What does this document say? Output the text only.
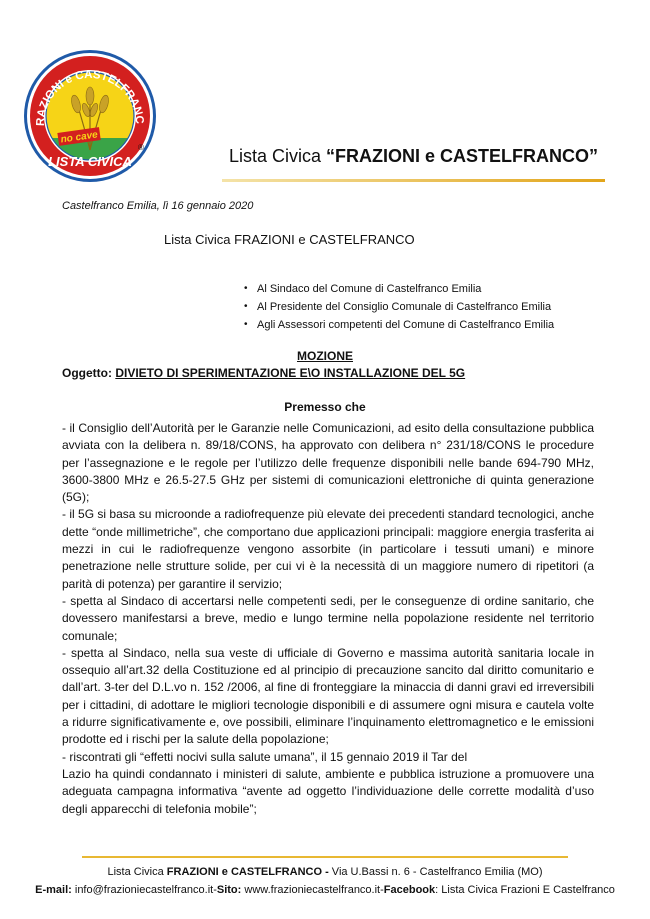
RAZIONI e CASTELFRANC
no cave
LISTA CIVICA
®	Lista Civica “FRAZIONI e CASTELFRANCO”
Castelfranco Emilia, lì 16 gennaio 2020
Lista Civica FRAZIONI e CASTELFRANCO
• Al Sindaco del Comune di Castelfranco Emilia
• Al Presidente del Consiglio Comunale di Castelfranco Emilia
• Agli Assessori competenti del Comune di Castelfranco Emilia
MOZIONE
Oggetto: DIVIETO DI SPERIMENTAZIONE E\O INSTALLAZIONE DEL 5G
Premesso che

- il Consiglio dell’Autorità per le Garanzie nelle Comunicazioni, ad esito della consultazione pubblica avviata con la delibera n. 89/18/CONS, ha approvato con delibera n° 231/18/CONS le procedure per l’assegnazione e le regole per l’utilizzo delle frequenze disponibili nelle bande 694-790 MHz, 3600-3800 MHz e 26.5-27.5 GHz per sistemi di comunicazioni elettroniche di quinta generazione (5G);

- il 5G si basa su microonde a radiofrequenze più elevate dei precedenti standard tecnologici, anche dette “onde millimetriche”, che comportano due applicazioni principali: maggiore energia trasferita ai mezzi in cui le radiofrequenze vengono assorbite (in particolare i tessuti umani) e minore penetrazione nelle strutture solide, per cui vi è la necessità di un maggiore numero di ripetitori (a parità di potenza) per garantire il servizio;

- spetta al Sindaco di accertarsi nelle competenti sedi, per le conseguenze di ordine sanitario, che dovessero manifestarsi a breve, medio e lungo termine nella popolazione residente nel territorio comunale;

- spetta al Sindaco, nella sua veste di ufficiale di Governo e massima autorità sanitaria locale in ossequio all’art.32 della Costituzione ed al principio di precauzione sancito dal diritto comunitario e dall’art. 3-ter del D.L.vo n. 152 /2006, al fine di fronteggiare la minaccia di danni gravi ed irreversibili per i cittadini, di adottare le migliori tecnologie disponibili e di assumere ogni misura e cautela volte a ridurre significativamente e, ove possibili, eliminare l’inquinamento elettromagnetico e le emissioni prodotte ed i rischi per la salute della popolazione;

- riscontrati gli “effetti nocivi sulla salute umana”, il 15 gennaio 2019 il Tar del

Lazio ha quindi condannato i ministeri di salute, ambiente e pubblica istruzione a promuovere una adeguata campagna informativa “avente ad oggetto l’individuazione delle corrette modalità d’uso degli apparecchi di telefonia mobile”;

Lista Civica FRAZIONI e CASTELFRANCO - Via U.Bassi n. 6 - Castelfranco Emilia (MO)
E-mail: info@frazioniecastelfranco.it-Sito: www.frazioniecastelfranco.it-Facebook: Lista Civica Frazioni E Castelfranco
